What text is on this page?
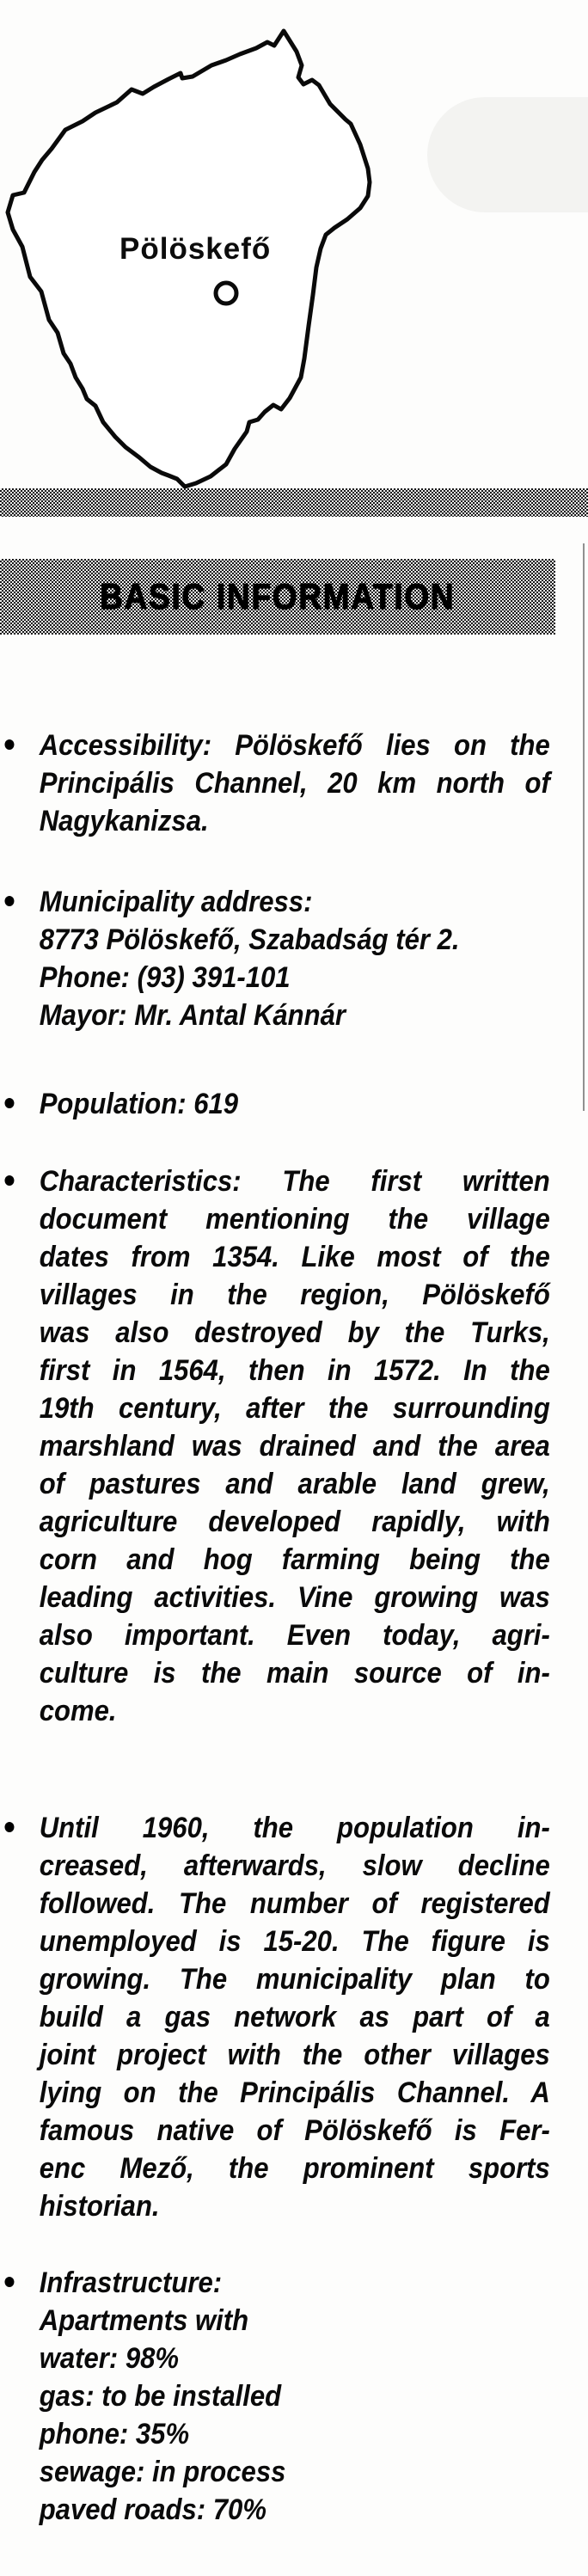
Pölöskefő
BASIC INFORMATION
Accessibility: Pölöskefő lies on the
Principális Channel, 20 km north of
Nagykanizsa.
Municipality address:
8773 Pölöskefő, Szabadság tér 2.
Phone: (93) 391-101
Mayor: Mr. Antal Kánnár
Population: 619
Characteristics: The first written
document mentioning the village
dates from 1354. Like most of the
villages in the region, Pölöskefő
was also destroyed by the Turks,
first in 1564, then in 1572. In the
19th century, after the surrounding
marshland was drained and the area
of pastures and arable land grew,
agriculture developed rapidly, with
corn and hog farming being the
leading activities. Vine growing was
also important. Even today, agri-
culture is the main source of in-
come.
Until 1960, the population in-
creased, afterwards, slow decline
followed. The number of registered
unemployed is 15-20. The figure is
growing. The municipality plan to
build a gas network as part of a
joint project with the other villages
lying on the Principális Channel. A
famous native of Pölöskefő is Fer-
enc Mező, the prominent sports
historian.
Infrastructure:
Apartments with
water: 98%
gas: to be installed
phone: 35%
sewage: in process
paved roads: 70%
